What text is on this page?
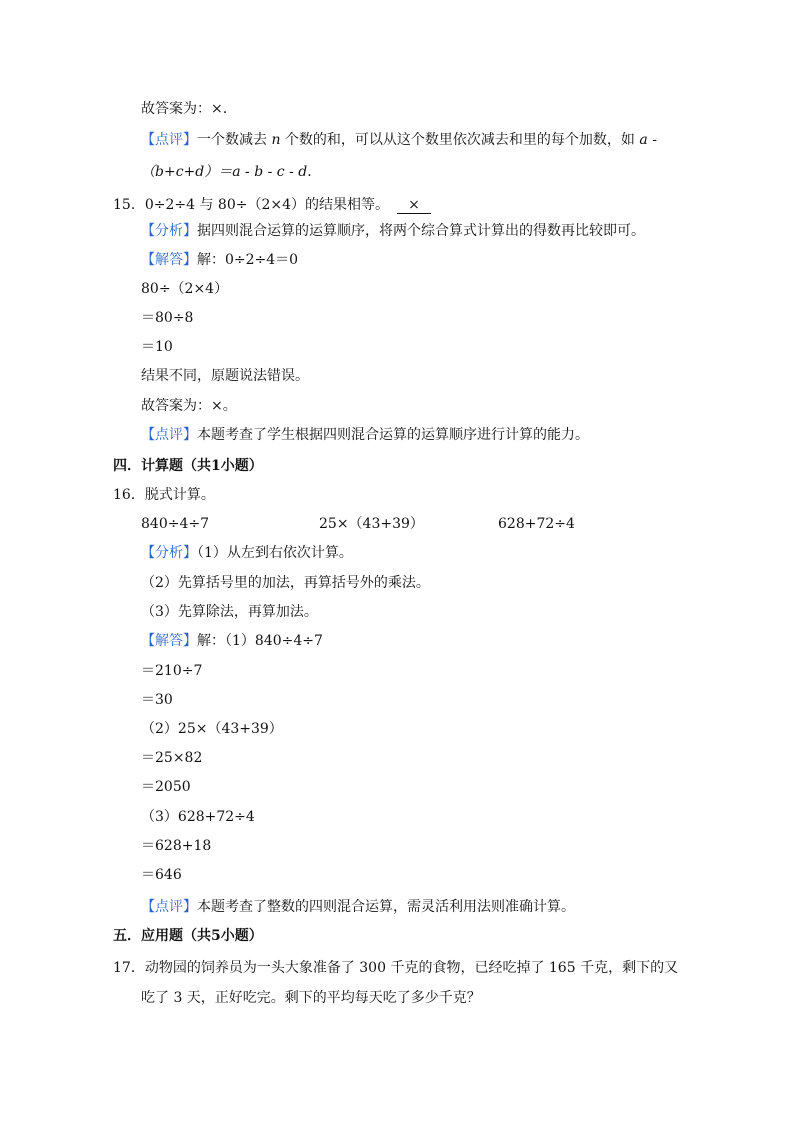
故答案为：×.
【点评】一个数减去 n 个数的和，可以从这个数里依次减去和里的每个加数，如 a -
（b+c+d）＝a - b - c - d.
15．0÷2÷4 与 80÷（2×4）的结果相等。 ×
【分析】据四则混合运算的运算顺序，将两个综合算式计算出的得数再比较即可。
【解答】解：0÷2÷4＝0
80÷（2×4）
＝80÷8
＝10
结果不同，原题说法错误。
故答案为：×。
【点评】本题考查了学生根据四则混合运算的运算顺序进行计算的能力。
四．计算题（共1小题）
16．脱式计算。
840÷4÷7	25×（43+39）	628+72÷4
【分析】（1）从左到右依次计算。
（2）先算括号里的加法，再算括号外的乘法。
（3）先算除法，再算加法。
【解答】解：（1）840÷4÷7
＝210÷7
＝30
（2）25×（43+39）
＝25×82
＝2050
（3）628+72÷4
＝628+18
＝646
【点评】本题考查了整数的四则混合运算，需灵活利用法则准确计算。
五．应用题（共5小题）
17．动物园的饲养员为一头大象准备了 300 千克的食物，已经吃掉了 165 千克，剩下的又
吃了 3 天，正好吃完。剩下的平均每天吃了多少千克？
